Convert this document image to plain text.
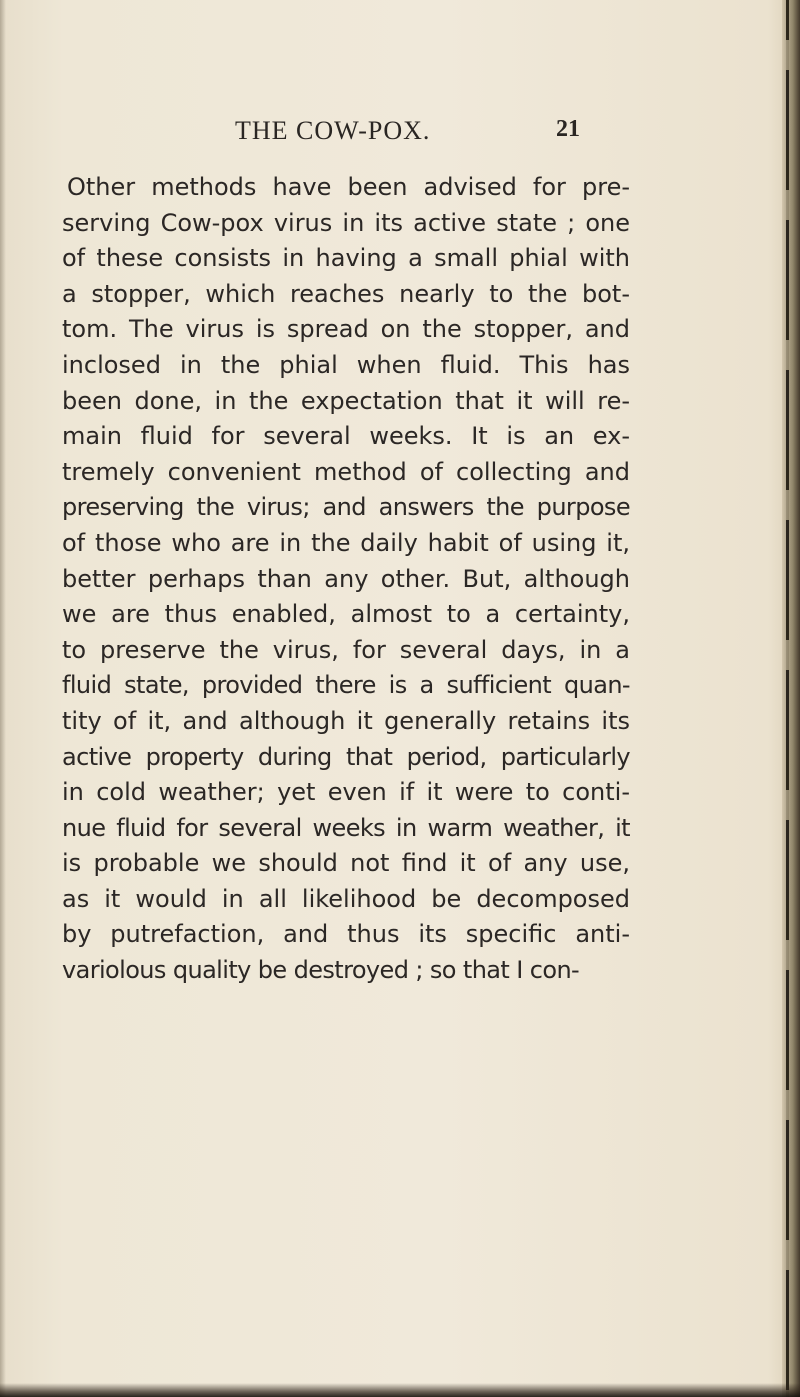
THE COW-POX.	21
Other methods have been advised for pre-
serving Cow-pox virus in its active state ; one
of these consists in having a small phial with
a stopper, which reaches nearly to the bot-
tom. The virus is spread on the stopper, and
inclosed in the phial when fluid. This has
been done, in the expectation that it will re-
main fluid for several weeks. It is an ex-
tremely convenient method of collecting and
preserving the virus; and answers the purpose
of those who are in the daily habit of using it,
better perhaps than any other. But, although
we are thus enabled, almost to a certainty,
to preserve the virus, for several days, in a
fluid state, provided there is a sufficient quan-
tity of it, and although it generally retains its
active property during that period, particularly
in cold weather; yet even if it were to conti-
nue fluid for several weeks in warm weather, it
is probable we should not find it of any use,
as it would in all likelihood be decomposed
by putrefaction, and thus its specific anti-
variolous quality be destroyed ; so that I con-
